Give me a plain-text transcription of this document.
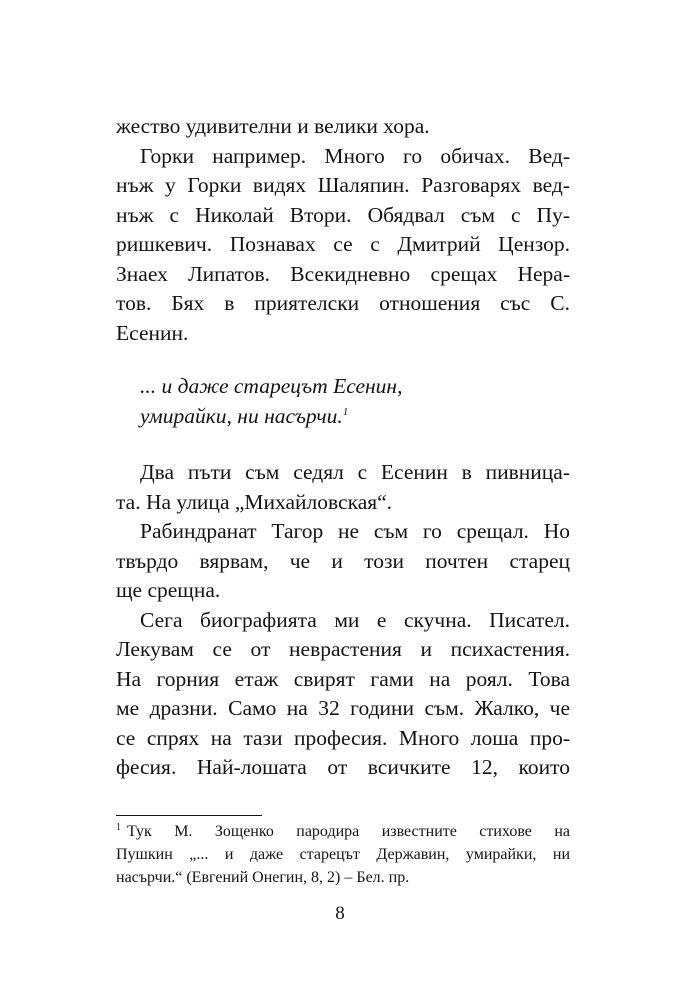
жество удивителни и велики хора.
Горки например. Много го обичах. Вед-
нъж у Горки видях Шаляпин. Разговарях вед-
нъж с Николай Втори. Обядвал съм с Пу-
ришкевич. Познавах се с Дмитрий Цензор.
Знаех Липатов. Всекидневно срещах Нера-
тов. Бях в приятелски отношения със С.
Есенин.
... и даже старецът Есенин,
умирайки, ни насърчи.$^1$
Два пъти съм седял с Есенин в пивница-
та. На улица „Михайловская“.
Рабиндранат Тагор не съм го срещал. Но
твърдо вярвам, че и този почтен старец
ще срещна.
Сега биографията ми е скучна. Писател.
Лекувам се от неврастения и психастения.
На горния етаж свирят гами на роял. Това
ме дразни. Само на 32 години съм. Жалко, че
се спрях на тази професия. Много лоша про-
фесия. Най-лошата от всичките 12, които
$^1$ Тук М. Зощенко пародира известните стихове на
Пушкин „... и даже старецът Державин, умирайки, ни
насърчи.“ (Евгений Онегин, 8, 2) – Бел. пр.
8
